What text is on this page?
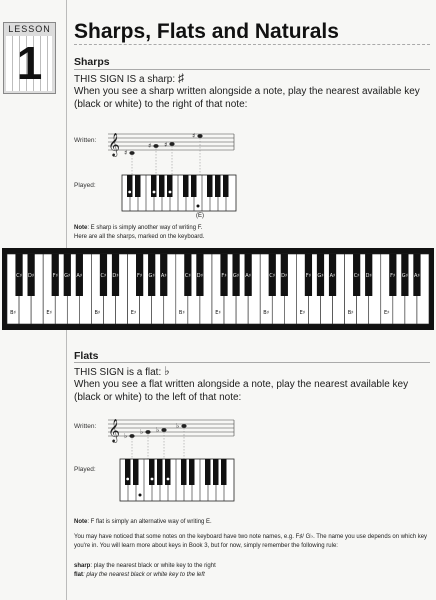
LESSON
1
Sharps, Flats and Naturals
Sharps
THIS SIGN IS a sharp: ♯
When you see a sharp written alongside a note, play the nearest available key (black or white) to the right of that note:
Written: 𝄞 ♯
♯ ♯
♯
Played:
(E)
Note: E sharp is simply another way of writing F.
Here are all the sharps, marked on the keyboard.
C♯ D♯	F♯ G♯ A♯
B♯	E♯
C♯ D♯	F♯ G♯ A♯
B♯	E♯
C♯ D♯	F♯ G♯ A♯
B♯	E♯
C♯ D♯	F♯ G♯ A♯
B♯	E♯
C♯ D♯	F♯ G♯ A♯
B♯	E♯
Flats
THIS SIGN is a flat: ♭
When you see a flat written alongside a note, play the nearest available key (black or white) to the left of that note:
Written: 𝄞 ♭ ♭ ♭ ♭
Played:
Note: F flat is simply an alternative way of writing E.
You may have noticed that some notes on the keyboard have two note names, e.g. F♯/ G♭. The name you use depends on which key you're in. You will learn more about keys in Book 3, but for now, simply remember the following rule:
sharp: play the nearest black or white key to the right
flat: play the nearest black or white key to the left
